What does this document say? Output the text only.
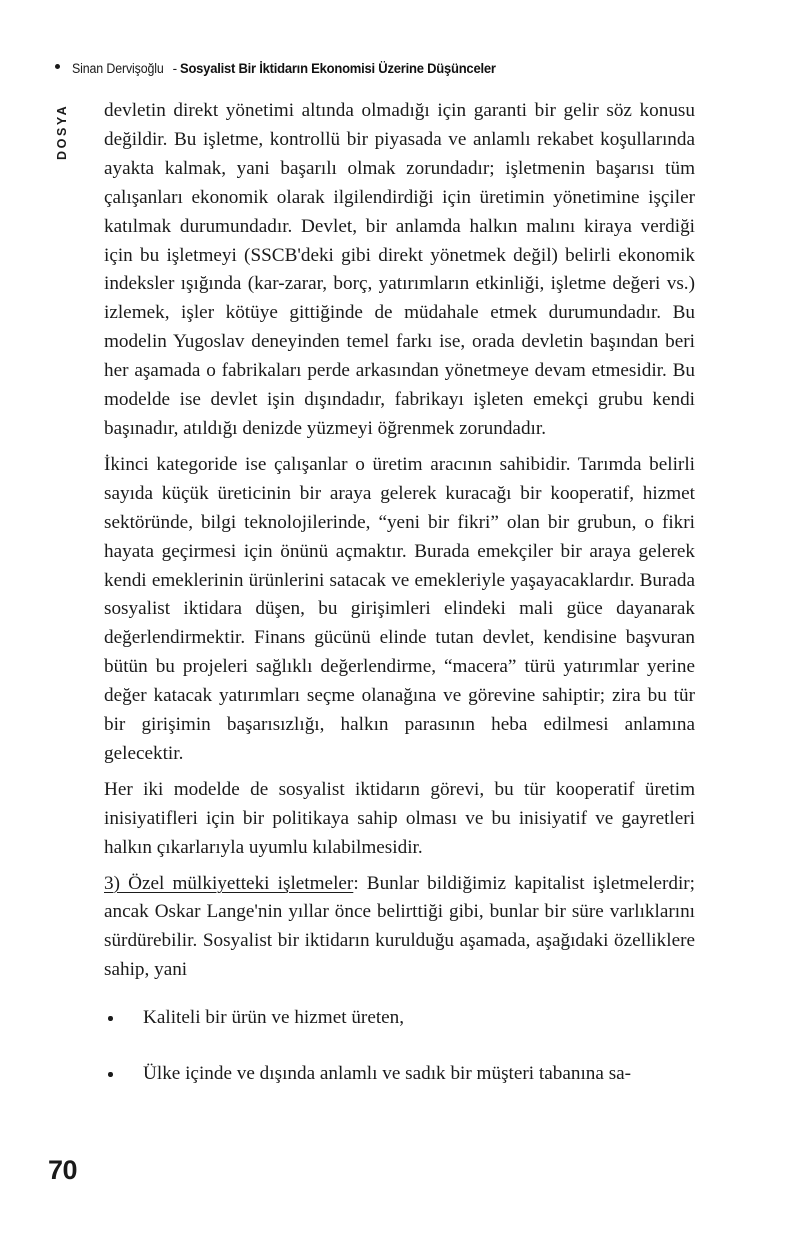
Sinan Dervişoğlu - Sosyalist Bir İktidarın Ekonomisi Üzerine Düşünceler
DOSYA devletin direkt yönetimi altında olmadığı için garanti bir gelir söz konusu değildir. Bu işletme, kontrollü bir piyasada ve anlamlı rekabet koşullarında ayakta kalmak, yani başarılı olmak zorundadır; işletmenin başarısı tüm çalışanları ekonomik olarak ilgilendirdiği için üretimin yönetimine işçiler katılmak durumundadır. Devlet, bir anlamda halkın malını kiraya verdiği için bu işletmeyi (SSCB'deki gibi direkt yönetmek değil) belirli ekonomik indeksler ışığında (kar-zarar, borç, yatırımların etkinliği, işletme değeri vs.) izlemek, işler kötüye gittiğinde de müdahale etmek durumundadır. Bu modelin Yugoslav deneyinden temel farkı ise, orada devletin başından beri her aşamada o fabrikaları perde arkasından yönetmeye devam etmesidir. Bu modelde ise devlet işin dışındadır, fabrikayı işleten emekçi grubu kendi başınadır, atıldığı denizde yüzmeyi öğrenmek zorundadır.

İkinci kategoride ise çalışanlar o üretim aracının sahibidir. Tarımda belirli sayıda küçük üreticinin bir araya gelerek kuracağı bir kooperatif, hizmet sektöründe, bilgi teknolojilerinde, “yeni bir fikri” olan bir grubun, o fikri hayata geçirmesi için önünü açmaktır. Burada emekçiler bir araya gelerek kendi emeklerinin ürünlerini satacak ve emekleriyle yaşayacaklardır. Burada sosyalist iktidara düşen, bu girişimleri elindeki mali güce dayanarak değerlendirmektir. Finans gücünü elinde tutan devlet, kendisine başvuran bütün bu projeleri sağlıklı değerlendirme, “macera” türü yatırımlar yerine değer katacak yatırımları seçme olanağına ve görevine sahiptir; zira bu tür bir girişimin başarısızlığı, halkın parasının heba edilmesi anlamına gelecektir.

Her iki modelde de sosyalist iktidarın görevi, bu tür kooperatif üretim inisiyatifleri için bir politikaya sahip olması ve bu inisiyatif ve gayretleri halkın çıkarlarıyla uyumlu kılabilmesidir.

3) Özel mülkiyetteki işletmeler: Bunlar bildiğimiz kapitalist işletmelerdir; ancak Oskar Lange'nin yıllar önce belirttiği gibi, bunlar bir süre varlıklarını sürdürebilir. Sosyalist bir iktidarın kurulduğu aşamada, aşağıdaki özelliklere sahip, yani

Kaliteli bir ürün ve hizmet üreten,
Ülke içinde ve dışında anlamlı ve sadık bir müşteri tabanına sa-
70
